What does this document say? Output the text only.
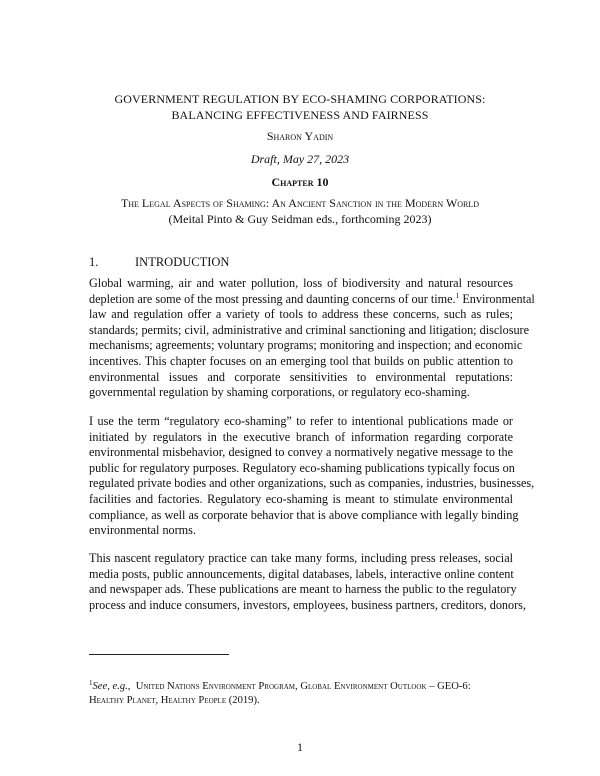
GOVERNMENT REGULATION BY ECO-SHAMING CORPORATIONS:
BALANCING EFFECTIVENESS AND FAIRNESS
Sharon Yadin
Draft, May 27, 2023
Chapter 10
The Legal Aspects of Shaming: An Ancient Sanction in the Modern World
(Meital Pinto & Guy Seidman eds., forthcoming 2023)
1.	INTRODUCTION
Global warming, air and water pollution, loss of biodiversity and natural resources
depletion are some of the most pressing and daunting concerns of our time.$^1$ Environmental
law and regulation offer a variety of tools to address these concerns, such as rules;
standards; permits; civil, administrative and criminal sanctioning and litigation; disclosure
mechanisms; agreements; voluntary programs; monitoring and inspection; and economic
incentives. This chapter focuses on an emerging tool that builds on public attention to
environmental issues and corporate sensitivities to environmental reputations:
governmental regulation by shaming corporations, or regulatory eco-shaming.
I use the term “regulatory eco-shaming” to refer to intentional publications made or
initiated by regulators in the executive branch of information regarding corporate
environmental misbehavior, designed to convey a normatively negative message to the
public for regulatory purposes. Regulatory eco-shaming publications typically focus on
regulated private bodies and other organizations, such as companies, industries, businesses,
facilities and factories. Regulatory eco-shaming is meant to stimulate environmental
compliance, as well as corporate behavior that is above compliance with legally binding
environmental norms.
This nascent regulatory practice can take many forms, including press releases, social
media posts, public announcements, digital databases, labels, interactive online content
and newspaper ads. These publications are meant to harness the public to the regulatory
process and induce consumers, investors, employees, business partners, creditors, donors,
$^1$See, e.g.,  United Nations Environment Program, Global Environment Outlook – GEO-6:
Healthy Planet, Healthy People (2019).
1
